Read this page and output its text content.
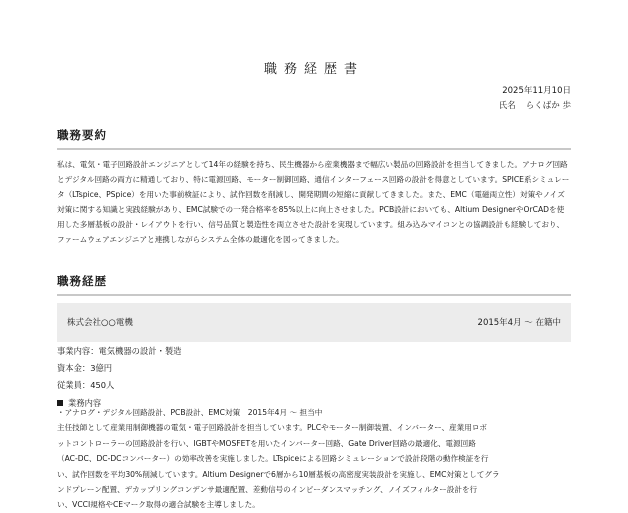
職務経歴書
2025年11月10日
氏名 らくばか 歩
職務要約
私は、電気・電子回路設計エンジニアとして14年の経験を持ち、民生機器から産業機器まで幅広い製品の回路設計を担当してきました。アナログ回路とデジタル回路の両方に精通しており、特に電源回路、モーター制御回路、通信インターフェース回路の設計を得意としています。SPICE系シミュレータ（LTspice、PSpice）を用いた事前検証により、試作回数を削減し、開発期間の短縮に貢献してきました。また、EMC（電磁両立性）対策やノイズ対策に関する知識と実践経験があり、EMC試験での一発合格率を85%以上に向上させました。PCB設計においても、Altium DesignerやOrCADを使用した多層基板の設計・レイアウトを行い、信号品質と製造性を両立させた設計を実現しています。組み込みマイコンとの協調設計も経験しており、ファームウェアエンジニアと連携しながらシステム全体の最適化を図ってきました。
職務経歴
株式会社○○電機	2015年4月 〜 在籍中
事業内容：電気機器の設計・製造
資本金：3億円
従業員：450人
業務内容
・アナログ・デジタル回路設計、PCB設計、EMC対策　2015年4月 〜 担当中
主任技師として産業用制御機器の電気・電子回路設計を担当しています。PLCやモーター制御装置、インバーター、産業用ロボ
ットコントローラーの回路設計を行い、IGBTやMOSFETを用いたインバーター回路、Gate Driver回路の最適化、電源回路
（AC-DC、DC-DCコンバーター）の効率改善を実施しました。LTspiceによる回路シミュレーションで設計段階の動作検証を行
い、試作回数を平均30%削減しています。Altium Designerで6層から10層基板の高密度実装設計を実施し、EMC対策としてグラ
ンドプレーン配置、デカップリングコンデンサ最適配置、差動信号のインピーダンスマッチング、ノイズフィルター設計を行
い、VCCI規格やCEマーク取得の適合試験を主導しました。
